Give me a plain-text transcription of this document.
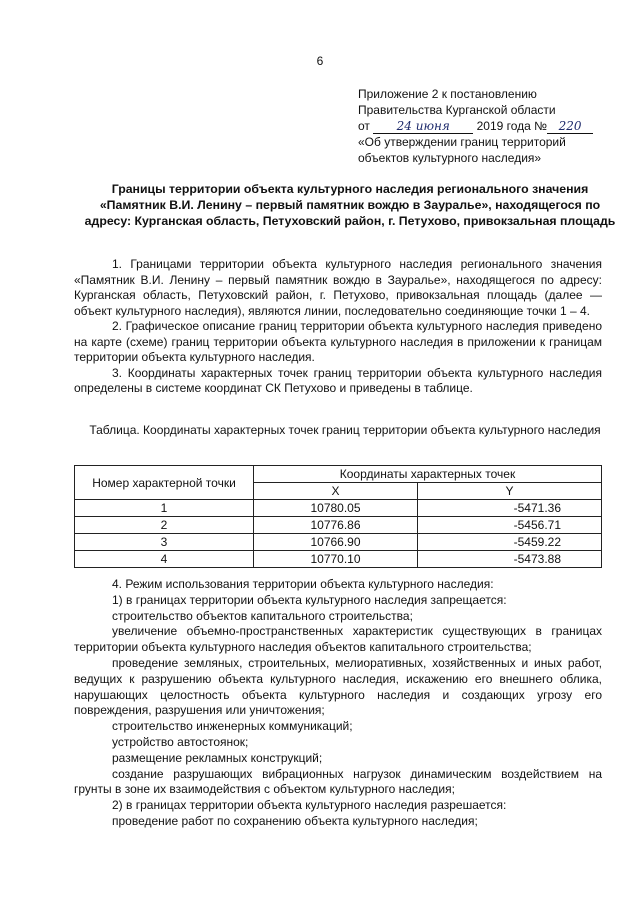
6
Приложение 2 к постановлению
Правительства Курганской области
от 24 июня 2019 года № 220
«Об утверждении границ территорий
объектов культурного наследия»
Границы территории объекта культурного наследия регионального значения «Памятник В.И. Ленину – первый памятник вождю в Зауралье», находящегося по адресу: Курганская область, Петуховский район, г. Петухово, привокзальная площадь

1. Границами территории объекта культурного наследия регионального значения «Памятник В.И. Ленину – первый памятник вождю в Зауралье», находящегося по адресу: Курганская область, Петуховский район, г. Петухово, привокзальная площадь (далее — объект культурного наследия), являются линии, последовательно соединяющие точки 1 – 4.

2. Графическое описание границ территории объекта культурного наследия приведено на карте (схеме) границ территории объекта культурного наследия в приложении к границам территории объекта культурного наследия.

3. Координаты характерных точек границ территории объекта культурного наследия определены в системе координат СК Петухово и приведены в таблице.

Таблица. Координаты характерных точек границ территории объекта культурного наследия
Номер характерной точки	Координаты характерных точек	
	X	Y
1	10780.05	-5471.36
2	10776.86	-5456.71
3	10766.90	-5459.22
4	10770.10	-5473.88

4. Режим использования территории объекта культурного наследия:

1) в границах территории объекта культурного наследия запрещается:

строительство объектов капитального строительства;

увеличение объемно-пространственных характеристик существующих в границах территории объекта культурного наследия объектов капитального строительства;

проведение земляных, строительных, мелиоративных, хозяйственных и иных работ, ведущих к разрушению объекта культурного наследия, искажению его внешнего облика, нарушающих целостность объекта культурного наследия и создающих угрозу его повреждения, разрушения или уничтожения;

строительство инженерных коммуникаций;

устройство автостоянок;

размещение рекламных конструкций;

создание разрушающих вибрационных нагрузок динамическим воздействием на грунты в зоне их взаимодействия с объектом культурного наследия;

2) в границах территории объекта культурного наследия разрешается:

проведение работ по сохранению объекта культурного наследия;
